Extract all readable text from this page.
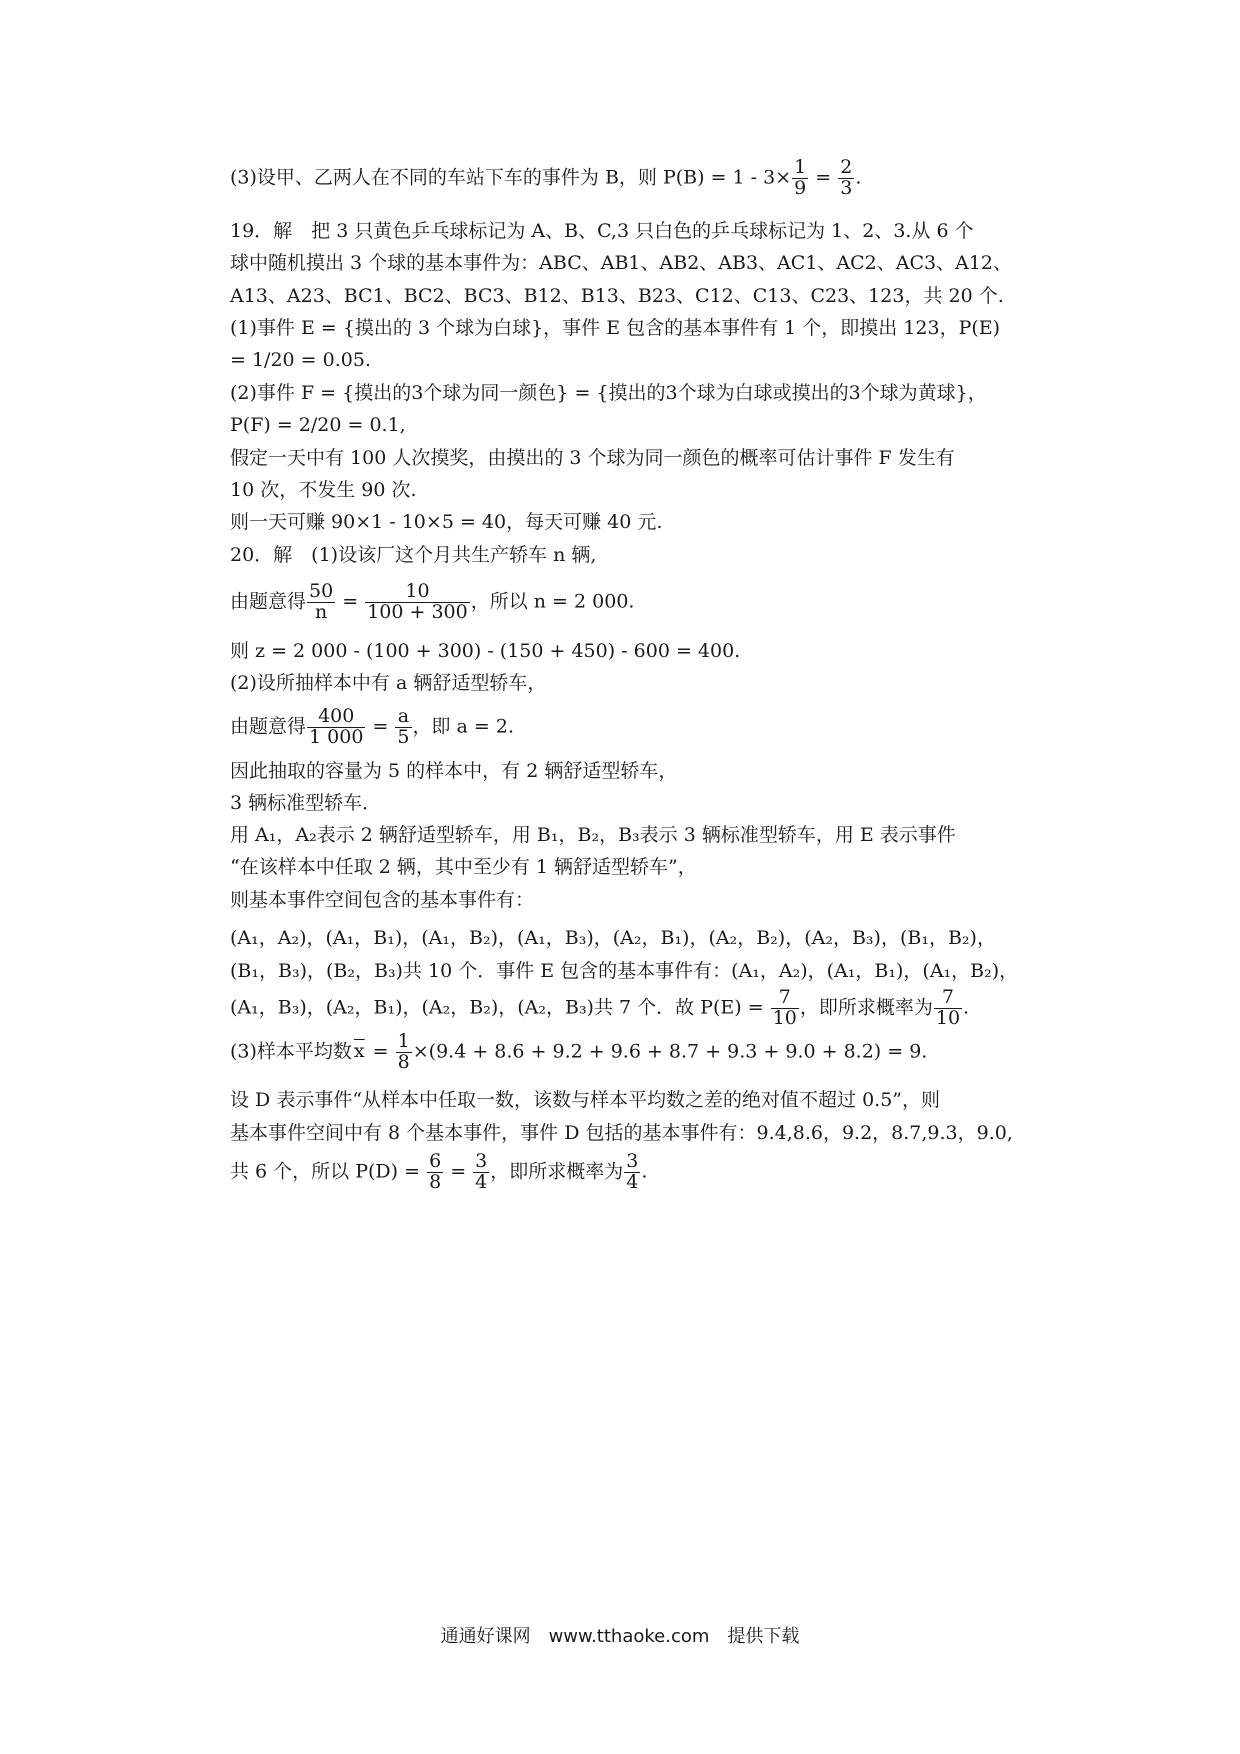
(3)设甲、乙两人在不同的车站下车的事件为 B，则 $P(B) = 1 - 3\times \frac{1}{9} = \frac{2}{3}$ .
19．解　把 3 只黄色乒乓球标记为 A、B、C,3 只白色的乒乓球标记为 1、2、3.从 6 个
球中随机摸出 3 个球的基本事件为：ABC、AB1、AB2、AB3、AC1、AC2、AC3、A12、
A13、A23、BC1、BC2、BC3、B12、B13、B23、C12、C13、C23、123，共 20 个.
(1)事件 E = {摸出的 3 个球为白球}，事件 E 包含的基本事件有 1 个，即摸出 123，P(E)
= 1/20 = 0.05.
(2)事件 F = {摸出的3个球为同一颜色} = {摸出的3个球为白球或摸出的3个球为黄球}，
P(F) = 2/20 = 0.1,
假定一天中有 100 人次摸奖，由摸出的 3 个球为同一颜色的概率可估计事件 F 发生有
10 次，不发生 90 次.
则一天可赚 90×1 - 10×5 = 40，每天可赚 40 元.
20．解　(1)设该厂这个月共生产轿车 n 辆,
由题意得 $\frac{50}{n} = \frac{10}{100 + 300}$ ，所以 n = 2 000.
则 z = 2 000 - (100 + 300) - (150 + 450) - 600 = 400.
(2)设所抽样本中有 a 辆舒适型轿车，
由题意得 $\frac{400}{1 000} = \frac{a}{5}$ ，即 a = 2.
因此抽取的容量为 5 的样本中，有 2 辆舒适型轿车，
3 辆标准型轿车．
用 A₁，A₂表示 2 辆舒适型轿车，用 B₁，B₂，B₃表示 3 辆标准型轿车，用 E 表示事件
“在该样本中任取 2 辆，其中至少有 1 辆舒适型轿车”，
则基本事件空间包含的基本事件有：
(A₁，A₂)，(A₁，B₁)，(A₁，B₂)，(A₁，B₃)，(A₂，B₁)，(A₂，B₂)，(A₂，B₃)，(B₁，B₂)，
(B₁，B₃)，(B₂，B₃)共 10 个．事件 E 包含的基本事件有：(A₁，A₂)，(A₁，B₁)，(A₁，B₂)，
(A₁，B₃)，(A₂，B₁)，(A₂，B₂)，(A₂，B₃)共 7 个．故 $P(E) = \frac{7}{10}$ ，即所求概率为 $\frac{7}{10}$ .
(3)样本平均数 $\overline{x} = \frac{1}{8} \times(9.4 + 8.6 + 9.2 + 9.6 + 8.7 + 9.3 + 9.0 + 8.2) = 9$.
设 D 表示事件“从样本中任取一数，该数与样本平均数之差的绝对值不超过 0.5”，则
基本事件空间中有 8 个基本事件，事件 D 包括的基本事件有：9.4,8.6，9.2，8.7,9.3，9.0,
共 6 个，所以 $P(D) = \frac{6}{8} = \frac{3}{4}$ ，即所求概率为 $\frac{3}{4}$ .
通通好课网　www.tthaoke.com　提供下载
